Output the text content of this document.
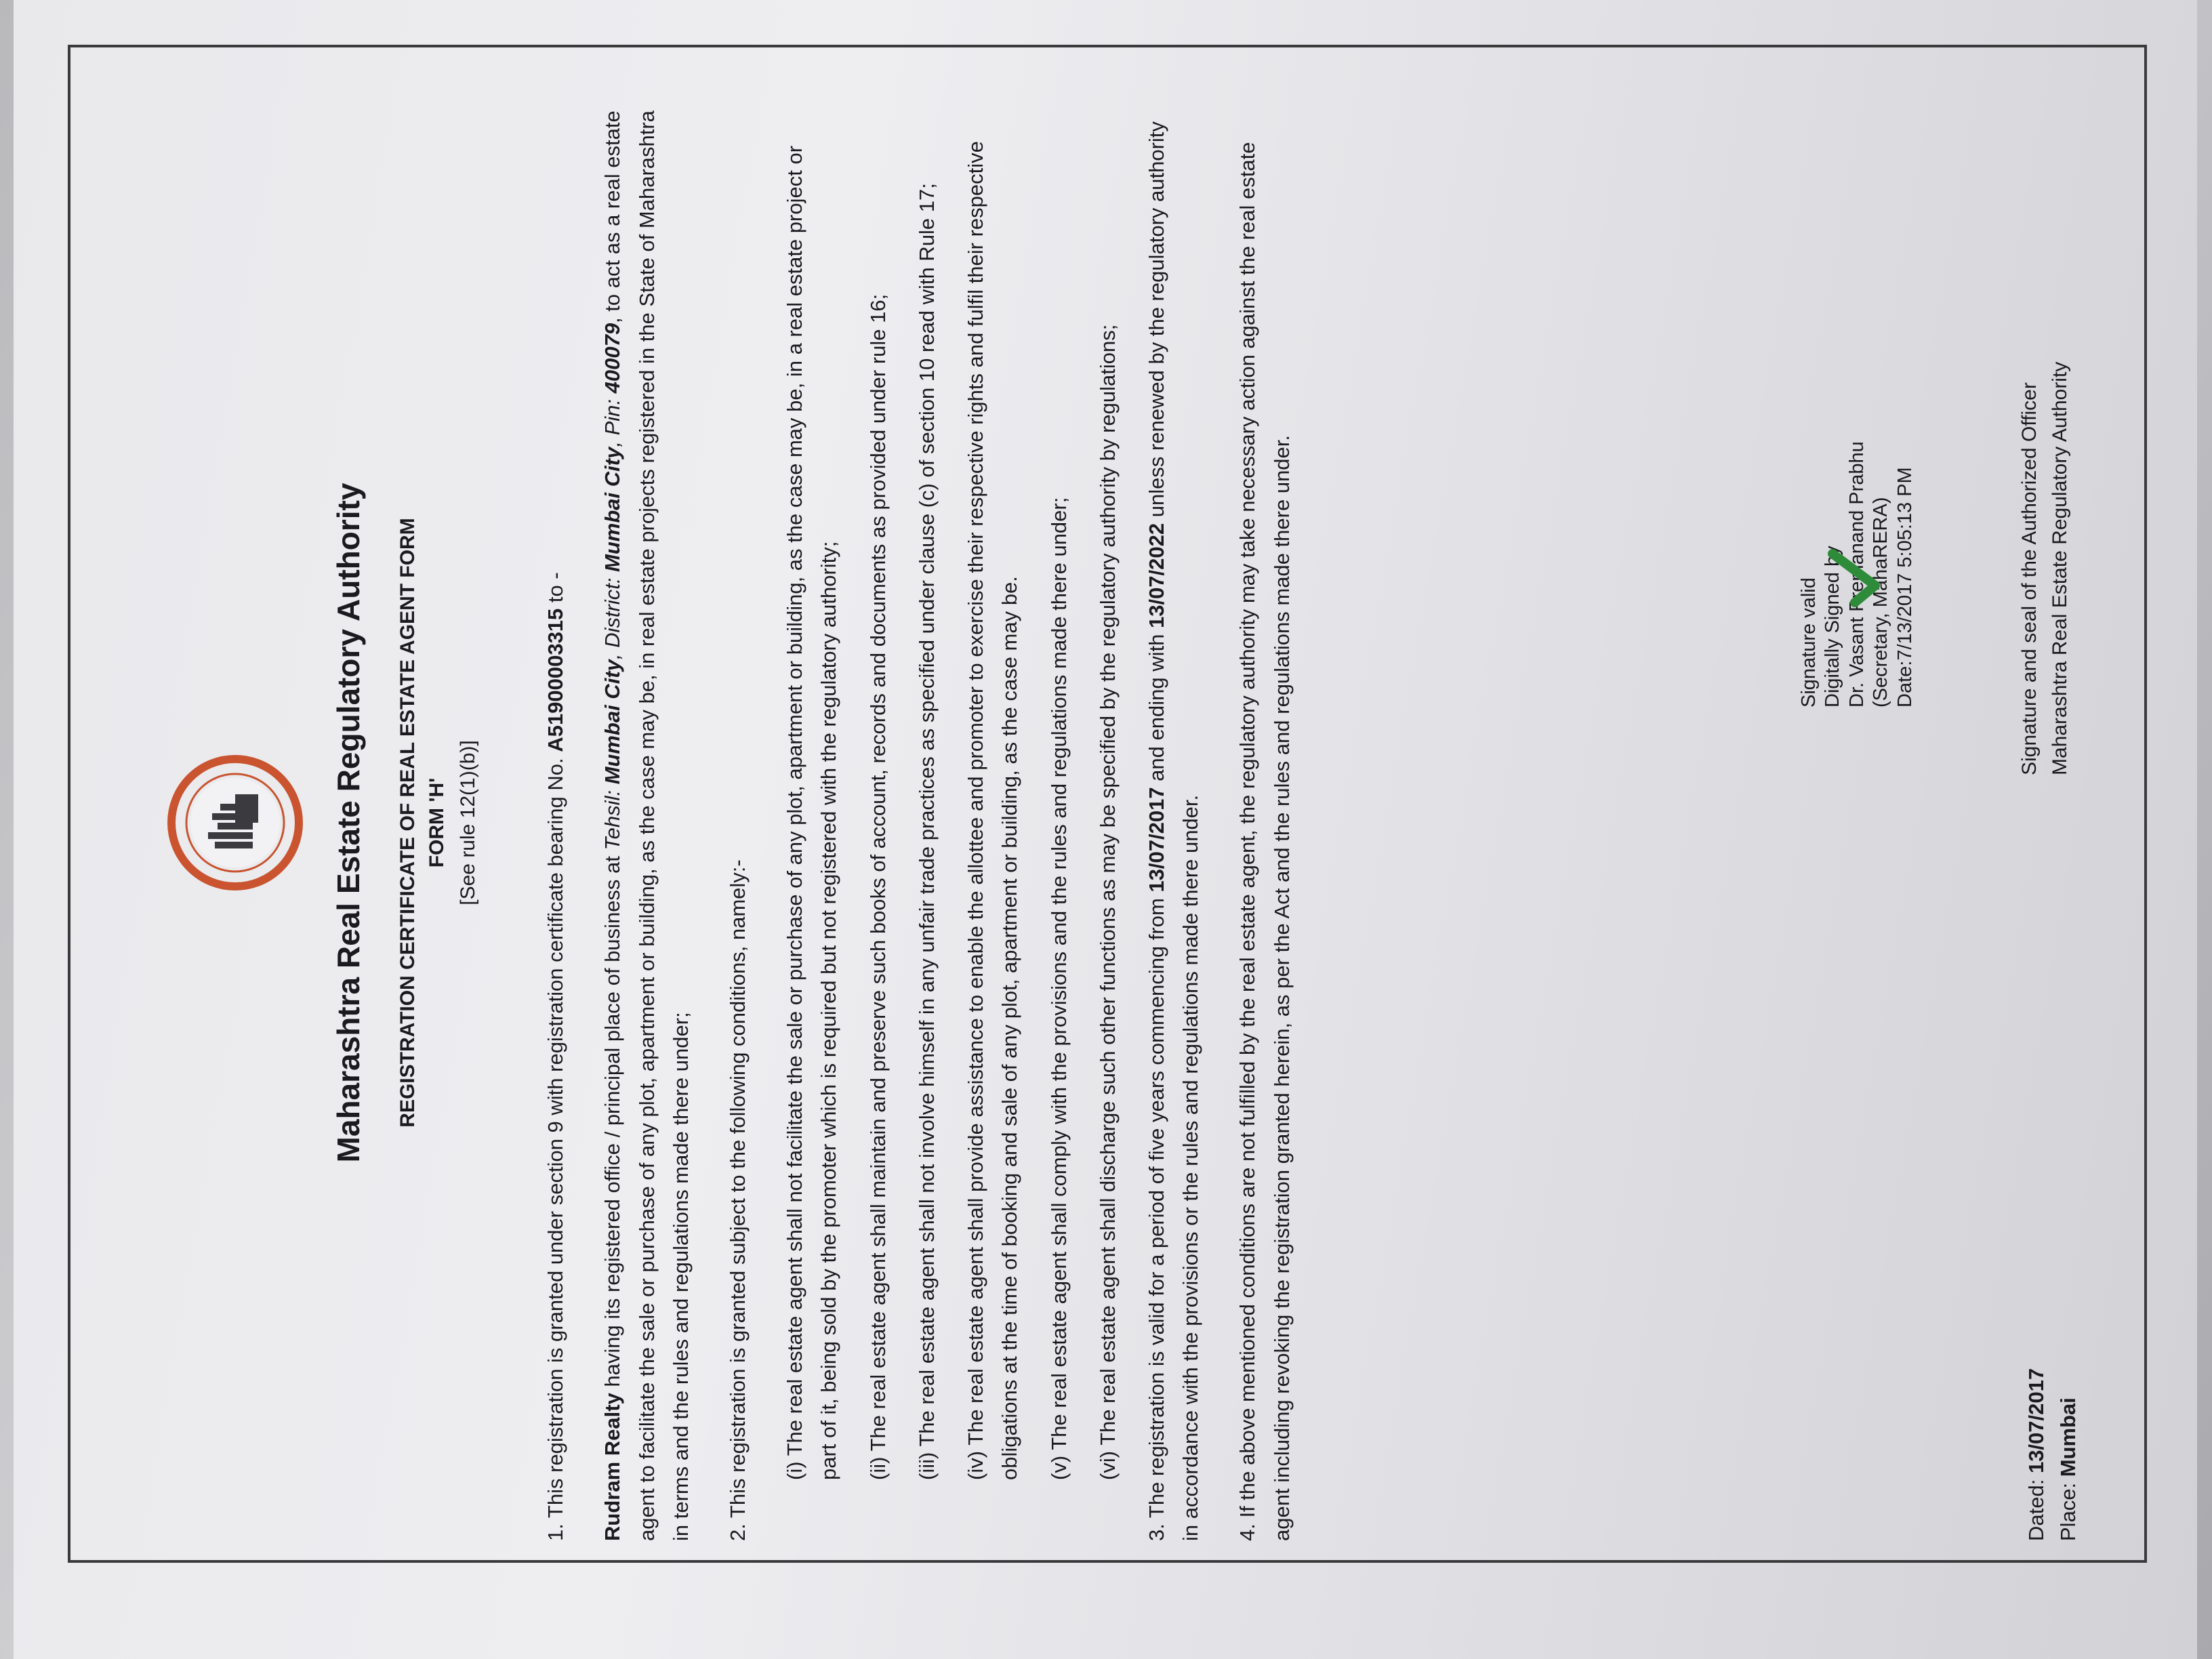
Maharashtra Real Estate Regulatory Authority	REGISTRATION CERTIFICATE OF REAL ESTATE AGENT FORM FORM 'H' [See rule 12(1)(b)]	1. This registration is granted under section 9 with registration certificate bearing No. A51900003315 to -

Rudram Realty having its registered office / principal place of business at Tehsil: Mumbai City, District: Mumbai City, Pin: 400079, to act as a real estate agent to facilitate the sale or purchase of any plot, apartment or building, as the case may be, in real estate projects registered in the State of Maharashtra in terms and the rules and regulations made there under; 2. This registration is granted subject to the following conditions, namely:- (i) The real estate agent shall not facilitate the sale or purchase of any plot, apartment or building, as the case may be, in a real estate project or part of it, being sold by the promoter which is required but not registered with the regulatory authority; (ii) The real estate agent shall maintain and preserve such books of account, records and documents as provided under rule 16; (iii) The real estate agent shall not involve himself in any unfair trade practices as specified under clause (c) of section 10 read with Rule 17; (iv) The real estate agent shall provide assistance to enable the allottee and promoter to exercise their respective rights and fulfil their respective obligations at the time of booking and sale of any plot, apartment or building, as the case may be. (v) The real estate agent shall comply with the provisions and the rules and regulations made there under; (vi) The real estate agent shall discharge such other functions as may be specified by the regulatory authority by regulations; 3. The registration is valid for a period of five years commencing from 13/07/2017 and ending with 13/07/2022 unless renewed by the regulatory authority in accordance with the provisions or the rules and regulations made there under. 4. If the above mentioned conditions are not fulfilled by the real estate agent, the regulatory authority may take necessary action against the real estate agent including revoking the registration granted herein, as per the Act and the rules and regulations made there under.	Signature valid Digitally Signed by Dr. Vasant Premanand Prabhu (Secretary, MahaRERA) Date:7/13/2017 5:05:13 PM	Signature and seal of the Authorized Officer Maharashtra Real Estate Regulatory Authority
Dated: 13/07/2017
Place: Mumbai
